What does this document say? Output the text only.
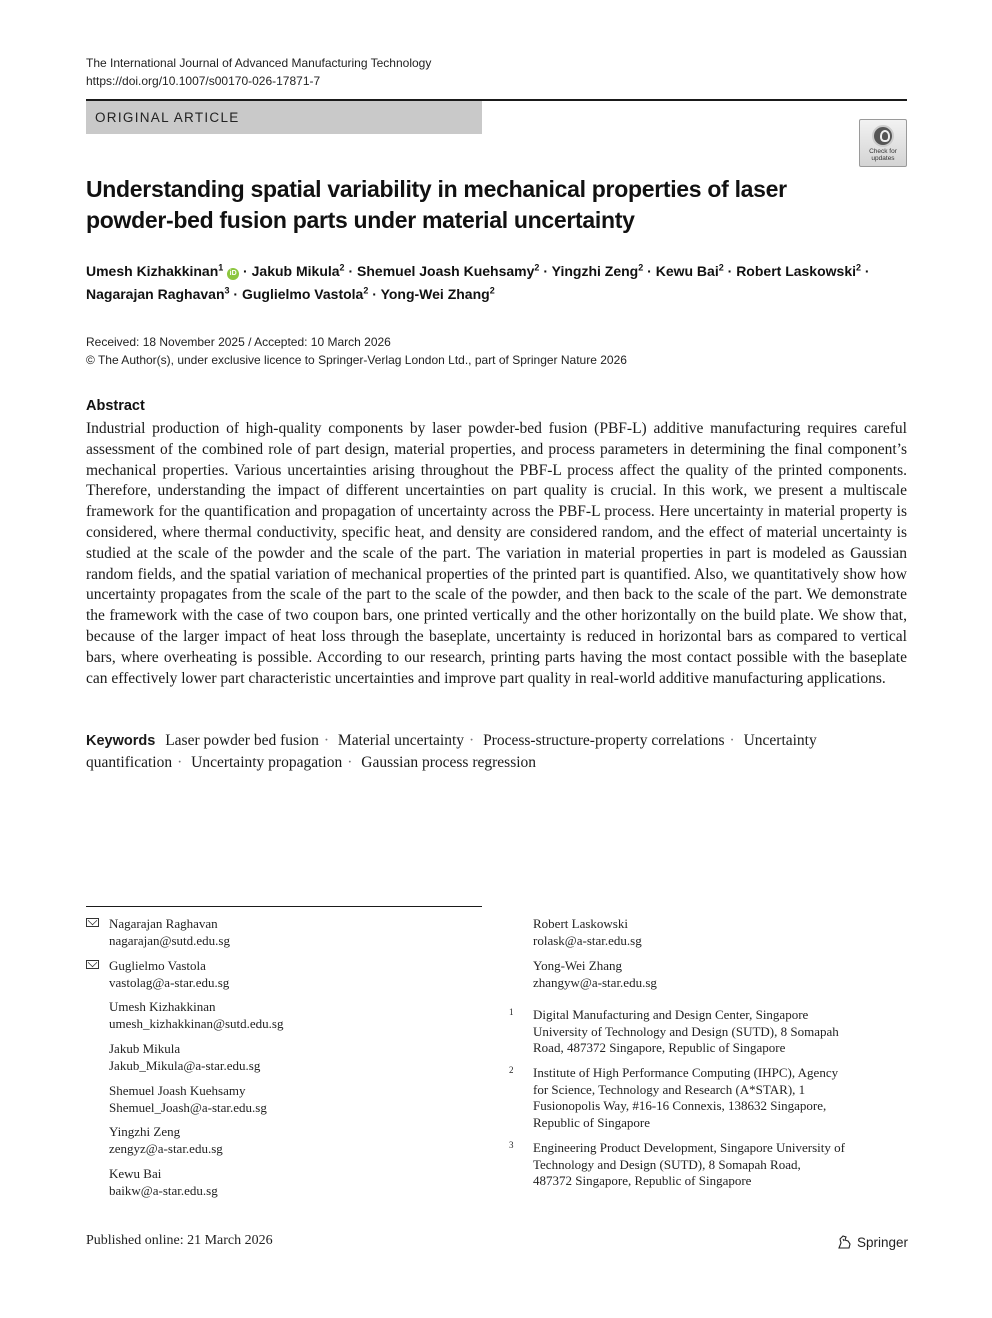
The International Journal of Advanced Manufacturing Technology
https://doi.org/10.1007/s00170-026-17871-7
ORIGINAL ARTICLE
Check for
updates
Understanding spatial variability in mechanical properties of laser powder-bed fusion parts under material uncertainty
Umesh Kizhakkinan$^1$ iD · Jakub Mikula$^2$ · Shemuel Joash Kuehsamy$^2$ · Yingzhi Zeng$^2$ · Kewu Bai$^2$ · Robert Laskowski$^2$ ·
Nagarajan Raghavan$^3$ · Guglielmo Vastola$^2$ · Yong-Wei Zhang$^2$
Received: 18 November 2025 / Accepted: 10 March 2026
© The Author(s), under exclusive licence to Springer-Verlag London Ltd., part of Springer Nature 2026
Abstract
Industrial production of high-quality components by laser powder-bed fusion (PBF-L) additive manufacturing requires careful assessment of the combined role of part design, material properties, and process parameters in determining the final component’s mechanical properties. Various uncertainties arising throughout the PBF-L process affect the quality of the printed components. Therefore, understanding the impact of different uncertainties on part quality is crucial. In this work, we present a multiscale framework for the quantification and propagation of uncertainty across the PBF-L process. Here uncertainty in material property is considered, where thermal conductivity, specific heat, and density are considered random, and the effect of material uncertainty is studied at the scale of the powder and the scale of the part. The variation in material properties in part is modeled as Gaussian random fields, and the spatial variation of mechanical properties of the printed part is quantified. Also, we quantitatively show how uncertainty propagates from the scale of the part to the scale of the powder, and then back to the scale of the part. We demonstrate the framework with the case of two coupon bars, one printed vertically and the other horizontally on the build plate. We show that, because of the larger impact of heat loss through the baseplate, uncertainty is reduced in horizontal bars as compared to vertical bars, where overheating is possible. According to our research, printing parts having the most contact possible with the baseplate can effectively lower part characteristic uncertainties and improve part quality in real-world additive manufacturing applications.
Keywords Laser powder bed fusion · Material uncertainty · Process-structure-property correlations · Uncertainty quantification · Uncertainty propagation · Gaussian process regression
Nagarajan Raghavan
nagarajan@sutd.edu.sg
Guglielmo Vastola
vastolag@a-star.edu.sg
Umesh Kizhakkinan
umesh_kizhakkinan@sutd.edu.sg
Jakub Mikula
Jakub_Mikula@a-star.edu.sg
Shemuel Joash Kuehsamy
Shemuel_Joash@a-star.edu.sg
Yingzhi Zeng
zengyz@a-star.edu.sg
Kewu Bai
baikw@a-star.edu.sg
Robert Laskowski
rolask@a-star.edu.sg
Yong-Wei Zhang
zhangyw@a-star.edu.sg
1 Digital Manufacturing and Design Center, Singapore
University of Technology and Design (SUTD), 8 Somapah
Road, 487372 Singapore, Republic of Singapore
2 Institute of High Performance Computing (IHPC), Agency
for Science, Technology and Research (A*STAR), 1
Fusionopolis Way, #16-16 Connexis, 138632 Singapore,
Republic of Singapore
3 Engineering Product Development, Singapore University of
Technology and Design (SUTD), 8 Somapah Road,
487372 Singapore, Republic of Singapore
Published online: 21 March 2026	Springer
